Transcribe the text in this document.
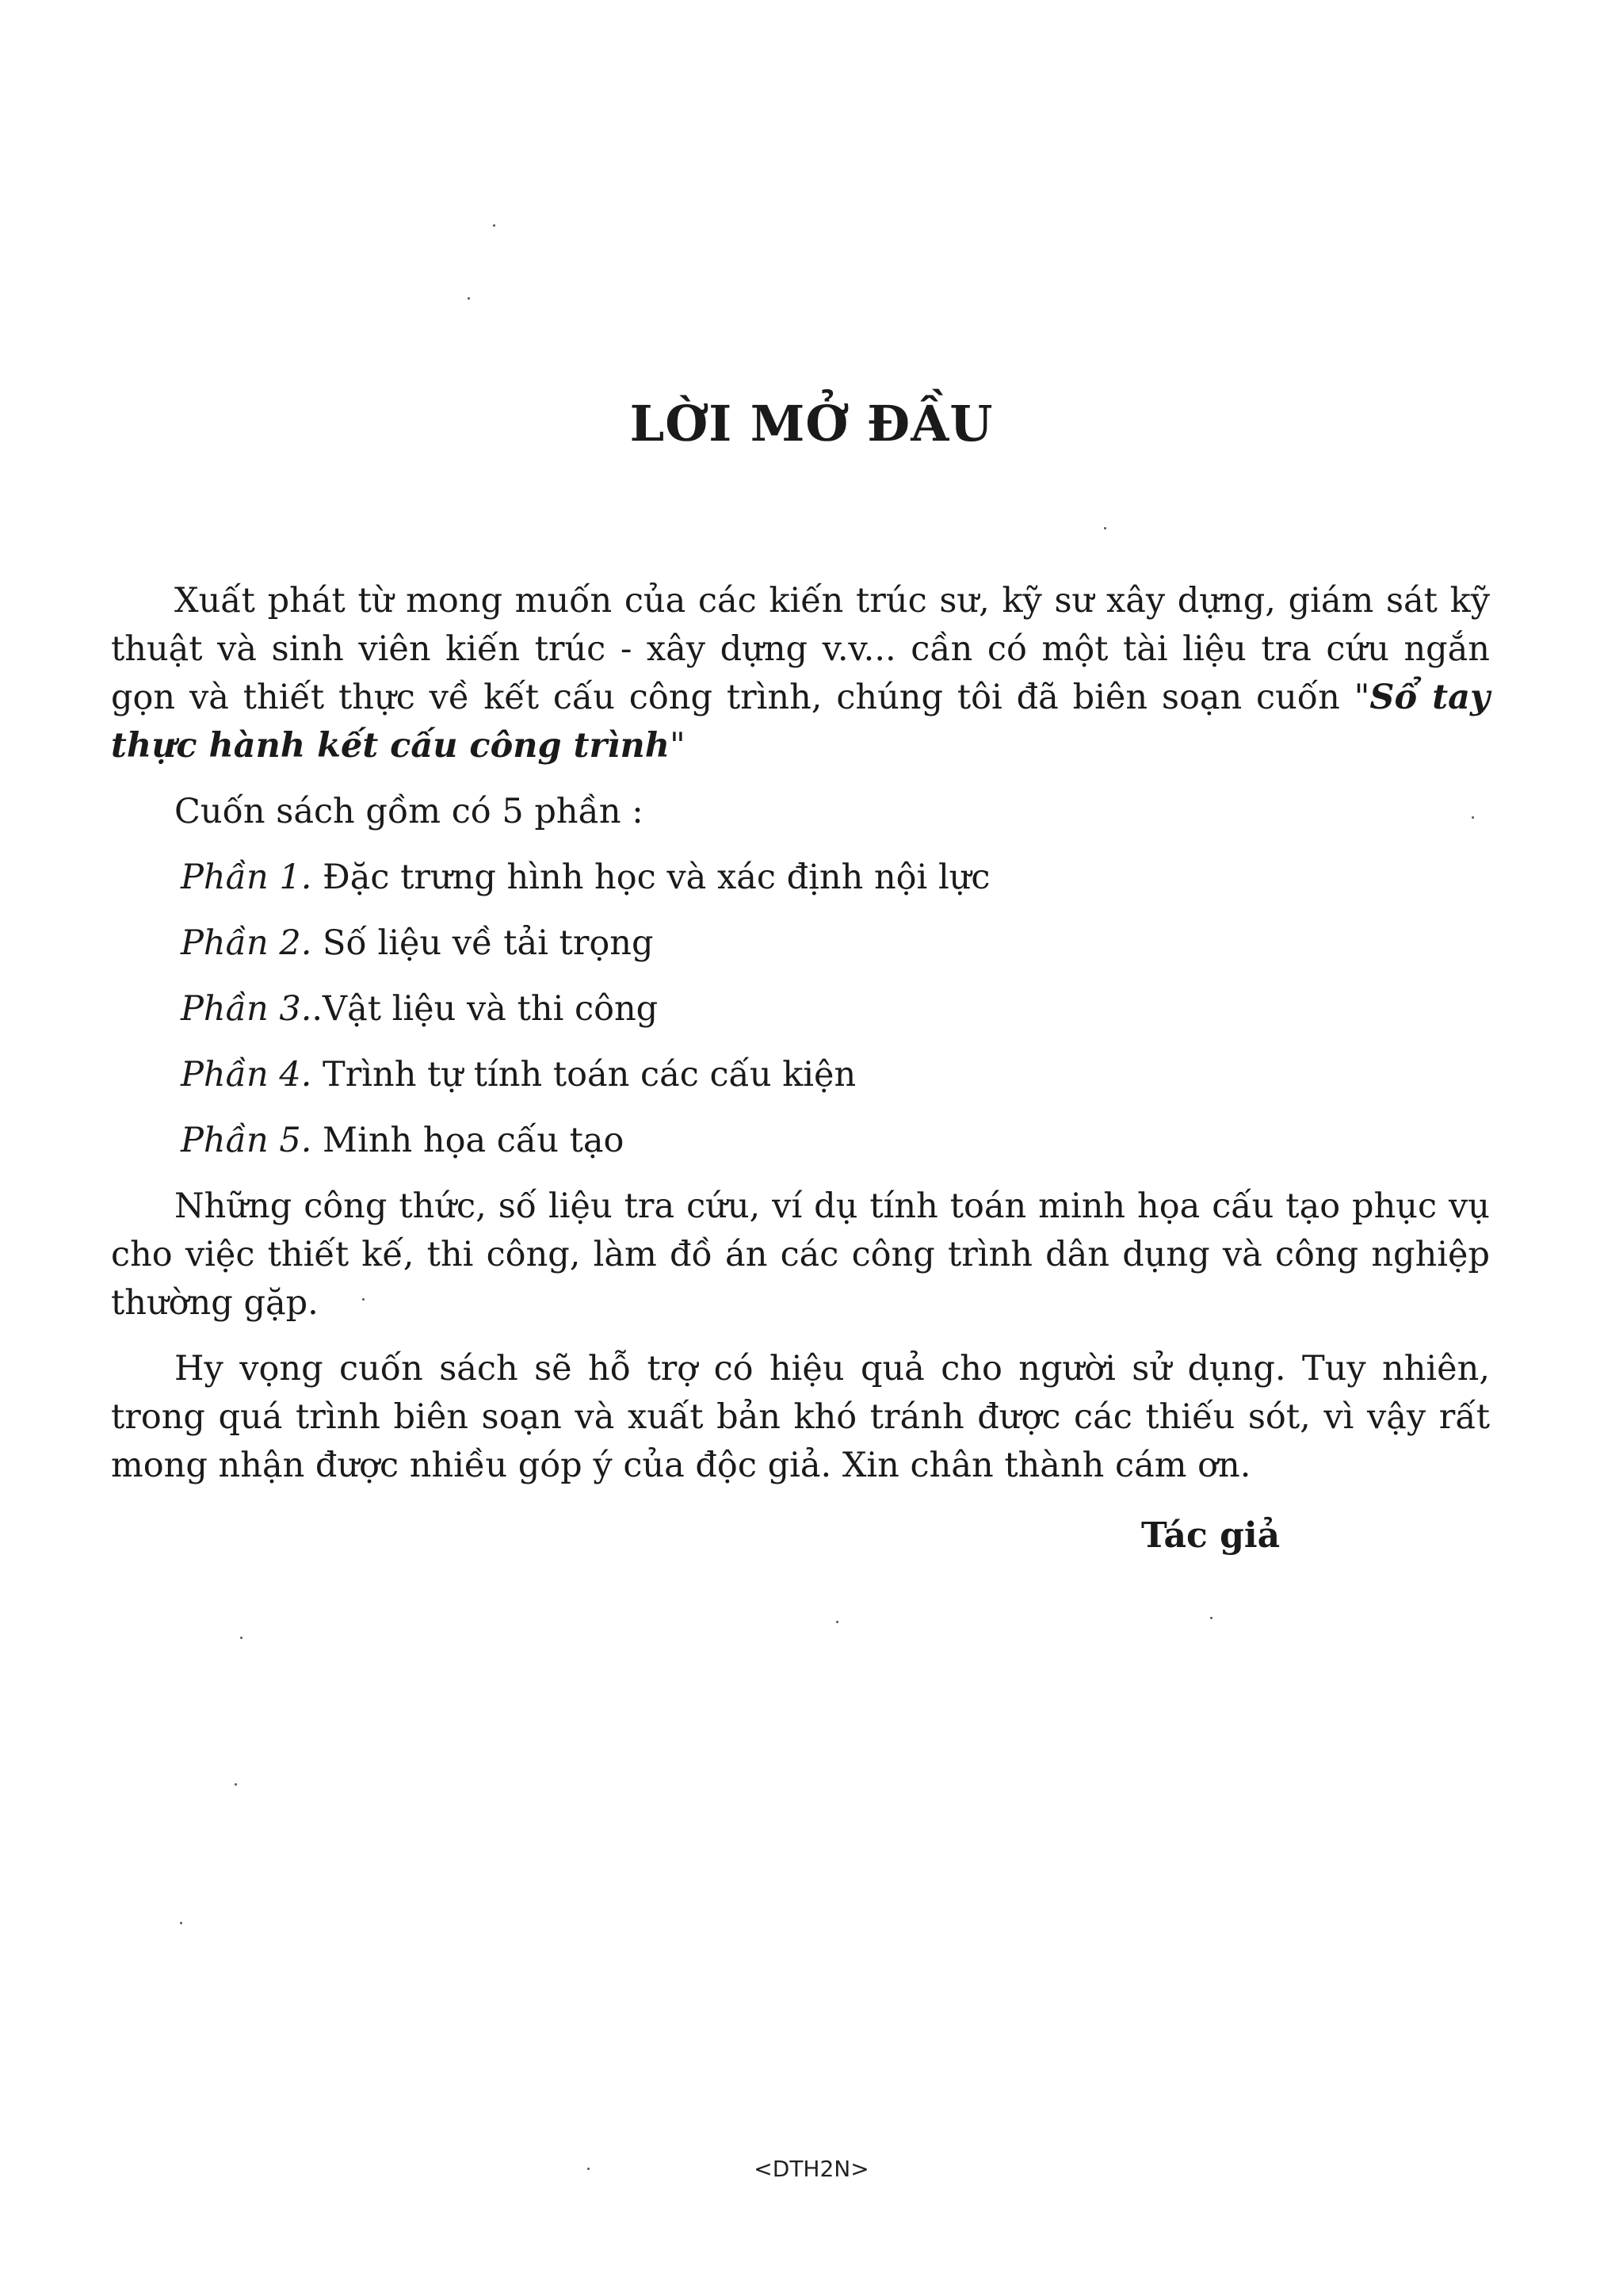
LỜI MỞ ĐẦU

Xuất phát từ mong muốn của các kiến trúc sư, kỹ sư xây dựng, giám sát kỹ thuật và sinh viên kiến trúc - xây dựng v.v... cần có một tài liệu tra cứu ngắn gọn và thiết thực về kết cấu công trình, chúng tôi đã biên soạn cuốn "Sổ tay thực hành kết cấu công trình"

Cuốn sách gồm có 5 phần :

Phần 1. Đặc trưng hình học và xác định nội lực

Phần 2. Số liệu về tải trọng

Phần 3..Vật liệu và thi công

Phần 4. Trình tự tính toán các cấu kiện

Phần 5. Minh họa cấu tạo

Những công thức, số liệu tra cứu, ví dụ tính toán minh họa cấu tạo phục vụ cho việc thiết kế, thi công, làm đồ án các công trình dân dụng và công nghiệp thường gặp.

Hy vọng cuốn sách sẽ hỗ trợ có hiệu quả cho người sử dụng. Tuy nhiên, trong quá trình biên soạn và xuất bản khó tránh được các thiếu sót, vì vậy rất mong nhận được nhiều góp ý của độc giả. Xin chân thành cám ơn.

Tác giả
<DTH2N>
